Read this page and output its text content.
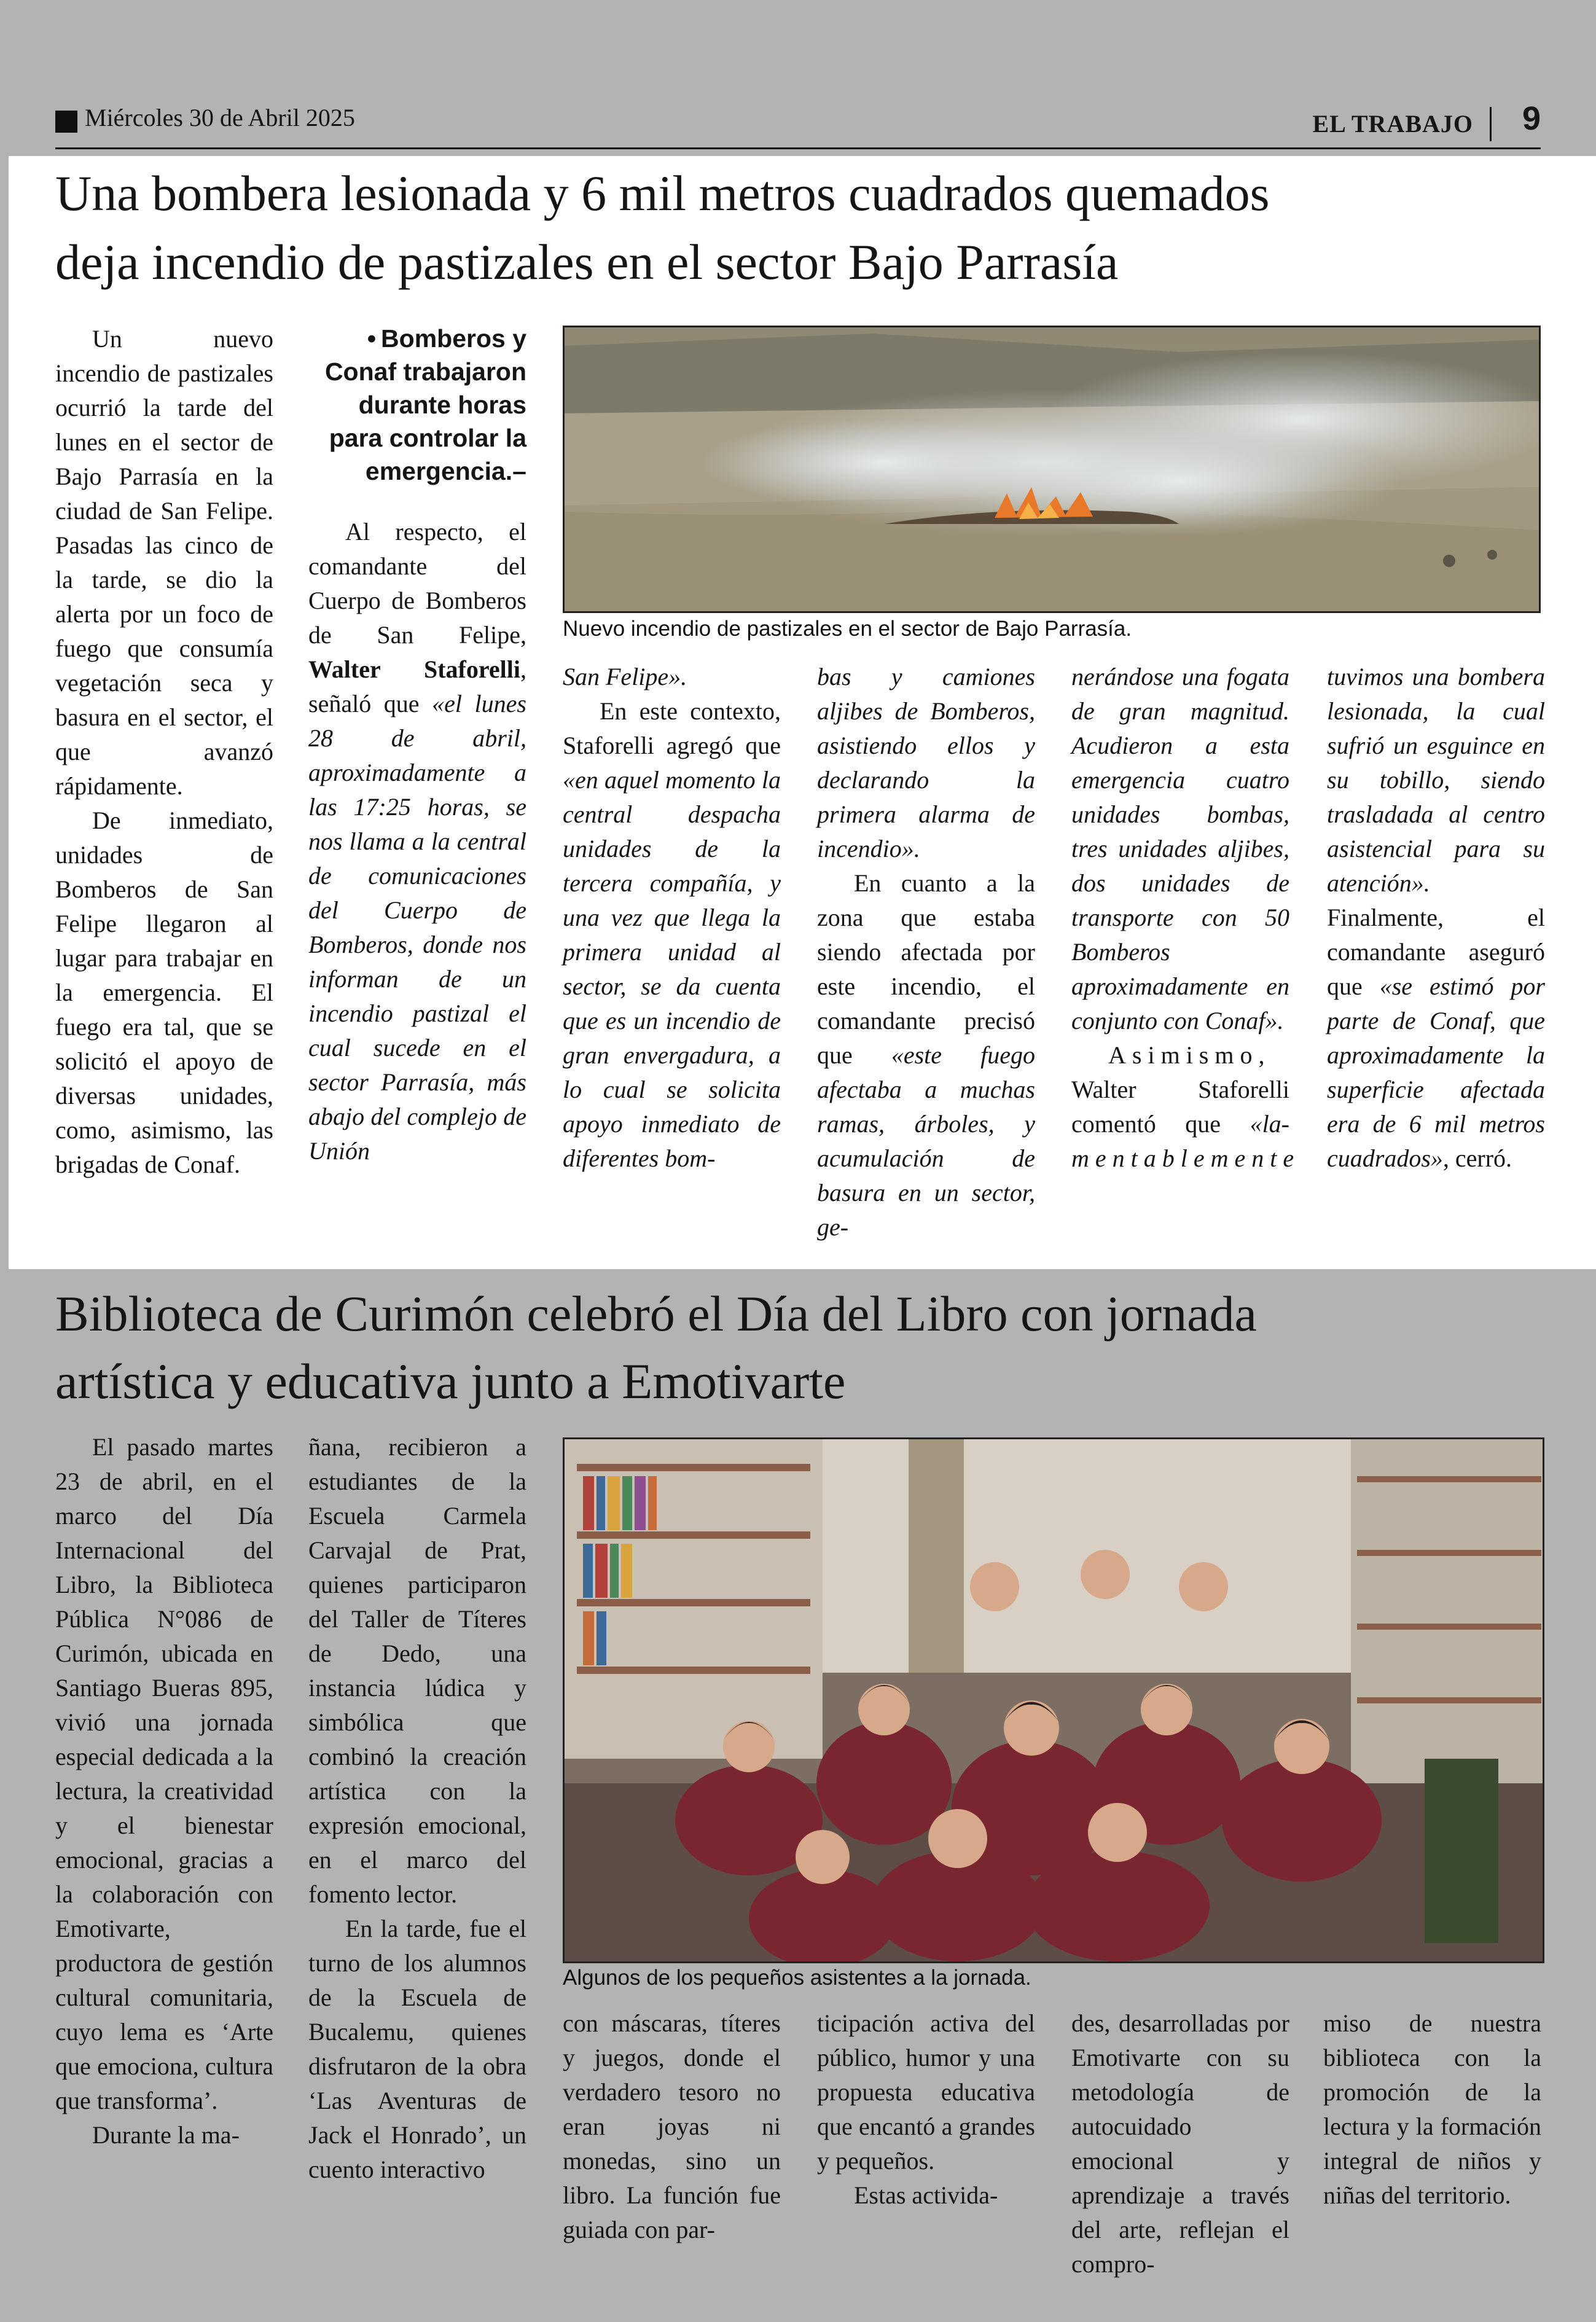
Miércoles 30 de Abril 2025	EL TRABAJO 9
Una bombera lesionada y 6 mil metros cuadrados quemados
deja incendio de pastizales en el sector Bajo Parrasía

Un nuevo incendio de pastizales ocurrió la tarde del lunes en el sector de Bajo Parrasía en la ciudad de San Felipe. Pasadas las cinco de la tarde, se dio la alerta por un foco de fuego que consumía vegetación seca y basura en el sector, el que avanzó rápidamente.

De inmediato, unidades de Bomberos de San Felipe llegaron al lugar para trabajar en la emergencia. El fuego era tal, que se solicitó el apoyo de diversas unidades, como, asimismo, las brigadas de Conaf.

• Bomberos y Conaf trabajaron durante horas para controlar la emergencia.–

Al respecto, el comandante del Cuerpo de Bomberos de San Felipe, Walter Staforelli, señaló que «el lunes 28 de abril, aproximadamente a las 17:25 horas, se nos llama a la central de comunicaciones del Cuerpo de Bomberos, donde nos informan de un incendio pastizal el cual sucede en el sector Parrasía, más abajo del complejo de Unión

Nuevo incendio de pastizales en el sector de Bajo Parrasía.

San Felipe».

En este contexto, Staforelli agregó que «en aquel momento la central despacha unidades de la tercera compañía, y una vez que llega la primera unidad al sector, se da cuenta que es un incendio de gran envergadura, a lo cual se solicita apoyo inmediato de diferentes bom-

bas y camiones aljibes de Bomberos, asistiendo ellos y declarando la primera alarma de incendio».

En cuanto a la zona que estaba siendo afectada por este incendio, el comandante precisó que «este fuego afectaba a muchas ramas, árboles, y acumulación de basura en un sector, ge-

nerándose una fogata de gran magnitud. Acudieron a esta emergencia cuatro unidades bombas, tres unidades aljibes, dos unidades de transporte con 50 Bomberos aproximadamente en conjunto con Conaf».

Asimismo, Walter Staforelli comentó que «la- mentablemente

tuvimos una bombera lesionada, la cual sufrió un esguince en su tobillo, siendo trasladada al centro asistencial para su atención». Finalmente, el comandante aseguró que «se estimó por parte de Conaf, que aproximadamente la superficie afectada era de 6 mil metros cuadrados», cerró.

Biblioteca de Curimón celebró el Día del Libro con jornada
artística y educativa junto a Emotivarte

El pasado martes 23 de abril, en el marco del Día Internacional del Libro, la Biblioteca Pública N°086 de Curimón, ubicada en Santiago Bueras 895, vivió una jornada especial dedicada a la lectura, la creatividad y el bienestar emocional, gracias a la colaboración con Emotivarte, productora de gestión cultural comunitaria, cuyo lema es ‘Arte que emociona, cultura que transforma’.

Durante la ma-

ñana, recibieron a estudiantes de la Escuela Carmela Carvajal de Prat, quienes participaron del Taller de Títeres de Dedo, una instancia lúdica y simbólica que combinó la creación artística con la expresión emocional, en el marco del fomento lector.

En la tarde, fue el turno de los alumnos de la Escuela de Bucalemu, quienes disfrutaron de la obra ‘Las Aventuras de Jack el Honrado’, un cuento interactivo

Algunos de los pequeños asistentes a la jornada.

con máscaras, títeres y juegos, donde el verdadero tesoro no eran joyas ni monedas, sino un libro. La función fue guiada con par-

ticipación activa del público, humor y una propuesta educativa que encantó a grandes y pequeños.

Estas activida-

des, desarrolladas por Emotivarte con su metodología de autocuidado emocional y aprendizaje a través del arte, reflejan el compro-

miso de nuestra biblioteca con la promoción de la lectura y la formación integral de niños y niñas del territorio.
